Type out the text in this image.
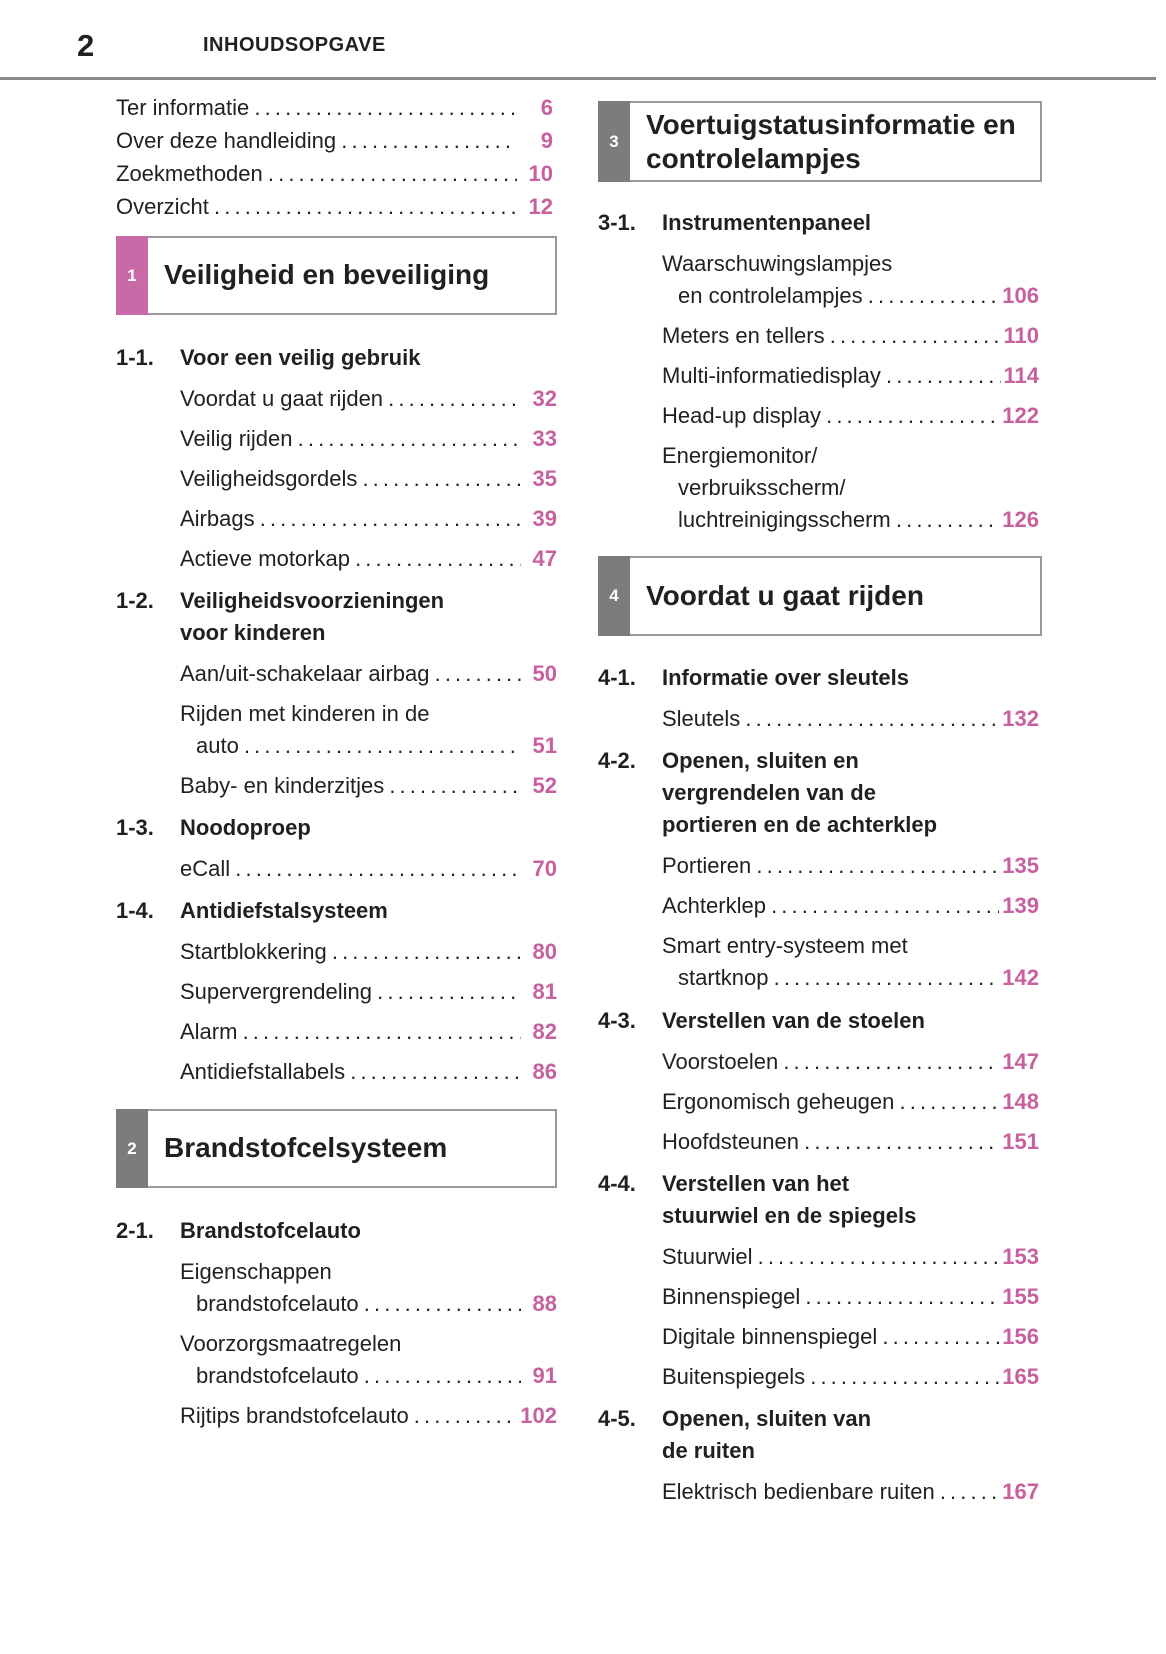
2	INHOUDSOPGAVE
Ter informatie . . .	6
Over deze handleiding . . .	9
Zoekmethoden . . .	10
Overzicht . . .	12
1 Veiligheid en beveiliging
1-1. Voor een veilig gebruik
Voordat u gaat rijden . . .	32
Veilig rijden . . .	33
Veiligheidsgordels . . .	35
Airbags . . .	39
Actieve motorkap . . .	47
1-2. Veiligheidsvoorzieningen
voor kinderen
Aan/uit-schakelaar airbag . . .	50
Rijden met kinderen in de
auto . . .	51
Baby- en kinderzitjes . . .	52
1-3. Noodoproep
eCall . . .	70
1-4. Antidiefstalsysteem
Startblokkering . . .	80
Supervergrendeling . . .	81
Alarm . . .	82
Antidiefstallabels . . .	86
2 Brandstofcelsysteem
2-1. Brandstofcelauto
Eigenschappen
brandstofcelauto . . .	88
Voorzorgsmaatregelen
brandstofcelauto . . .	91
Rijtips brandstofcelauto . . .	102
3
Voertuigstatusinformatie en
controlelampjes
3-1. Instrumentenpaneel
Waarschuwingslampjes
en controlelampjes . . .	106
Meters en tellers . . .	110
Multi-informatiedisplay . . .	114
Head-up display . . .	122
Energiemonitor/
verbruiksscherm/
luchtreinigingsscherm . . .	126
4 Voordat u gaat rijden
4-1. Informatie over sleutels
Sleutels . . .	132
4-2. Openen, sluiten en
vergrendelen van de
portieren en de achterklep
Portieren . . .	135
Achterklep . . .	139
Smart entry-systeem met
startknop . . .	142
4-3. Verstellen van de stoelen
Voorstoelen . . .	147
Ergonomisch geheugen . . .	148
Hoofdsteunen . . .	151
4-4. Verstellen van het
stuurwiel en de spiegels
Stuurwiel . . .	153
Binnenspiegel . . .	155
Digitale binnenspiegel . . .	156
Buitenspiegels . . .	165
4-5. Openen, sluiten van
de ruiten
Elektrisch bedienbare ruiten . . .	167
